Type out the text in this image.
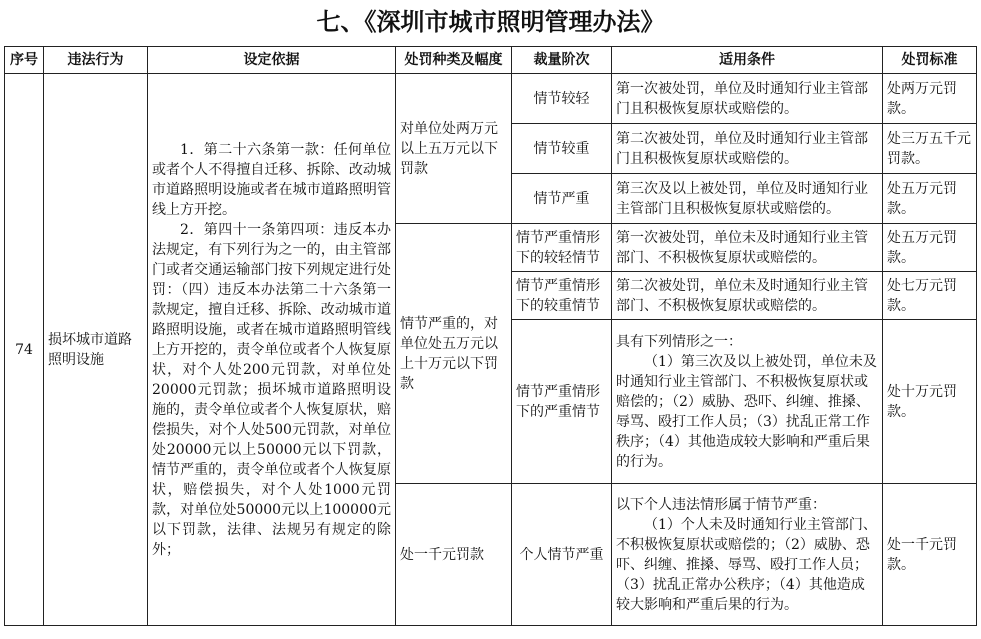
七、《深圳市城市照明管理办法》
序号	违法行为	设定依据	处罚种类及幅度	裁量阶次	适用条件	处罚标准
74	损坏城市道路照明设施	1．第二十六条第一款：任何单位或者个人不得擅自迁移、拆除、改动城市道路照明设施或者在城市道路照明管线上方开挖。

2．第四十一条第四项：违反本办法规定，有下列行为之一的，由主管部门或者交通运输部门按下列规定进行处罚：（四）违反本办法第二十六条第一款规定，擅自迁移、拆除、改动城市道路照明设施，或者在城市道路照明管线上方开挖的，责令单位或者个人恢复原状，对个人处200元罚款，对单位处20000元罚款；损坏城市道路照明设施的，责令单位或者个人恢复原状，赔偿损失，对个人处500元罚款，对单位处20000元以上50000元以下罚款，情节严重的，责令单位或者个人恢复原状，赔偿损失，对个人处1000元罚款，对单位处50000元以上100000元以下罚款，法律、法规另有规定的除外；	对单位处两万元以上五万元以下罚款	情节较轻	第一次被处罚，单位及时通知行业主管部门且积极恢复原状或赔偿的。	处两万元罚款。
				情节较重	第二次被处罚，单位及时通知行业主管部门且积极恢复原状或赔偿的。	处三万五千元罚款。
				情节严重	第三次及以上被处罚，单位及时通知行业主管部门且积极恢复原状或赔偿的。	处五万元罚款。
			情节严重的，对单位处五万元以上十万元以下罚款	情节严重情形下的较轻情节	第一次被处罚，单位未及时通知行业主管部门、不积极恢复原状或赔偿的。	处五万元罚款。
				情节严重情形下的较重情节	第二次被处罚，单位未及时通知行业主管部门、不积极恢复原状或赔偿的。	处七万元罚款。
				情节严重情形下的严重情节	具有下列情形之一：

（1）第三次及以上被处罚，单位未及时通知行业主管部门、不积极恢复原状或赔偿的；（2）威胁、恐吓、纠缠、推搡、辱骂、殴打工作人员；（3）扰乱正常工作秩序；（4）其他造成较大影响和严重后果的行为。	处十万元罚款。
			处一千元罚款	个人情节严重	以下个人违法情形属于情节严重：

（1）个人未及时通知行业主管部门、不积极恢复原状或赔偿的；（2）威胁、恐吓、纠缠、推搡、辱骂、殴打工作人员；（3）扰乱正常办公秩序；（4）其他造成较大影响和严重后果的行为。	处一千元罚款。
